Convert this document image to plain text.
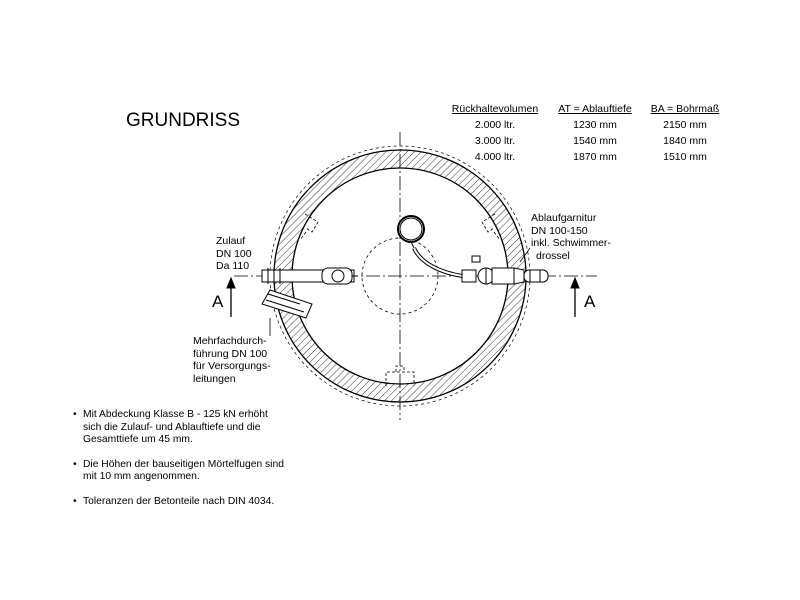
GRUNDRISS
Rückhaltevolumen	AT = Ablauftiefe	BA = Bohrmaß
2.000 ltr.	1230 mm	2150 mm
3.000 ltr.	1540 mm	1840 mm
4.000 ltr.	1870 mm	1510 mm
Zulauf
DN 100
Da 110
Ablaufgarnitur
DN 100-150
inkl. Schwimmer-
drossel
Mehrfachdurch-
führung DN 100
für Versorgungs-
leitungen
A	A
• Mit Abdeckung Klasse B - 125 kN erhöht
sich die Zulauf- und Ablauftiefe und die
Gesamttiefe um 45 mm.
• Die Höhen der bauseitigen Mörtelfugen sind
mit 10 mm angenommen.
• Toleranzen der Betonteile nach DIN 4034.
